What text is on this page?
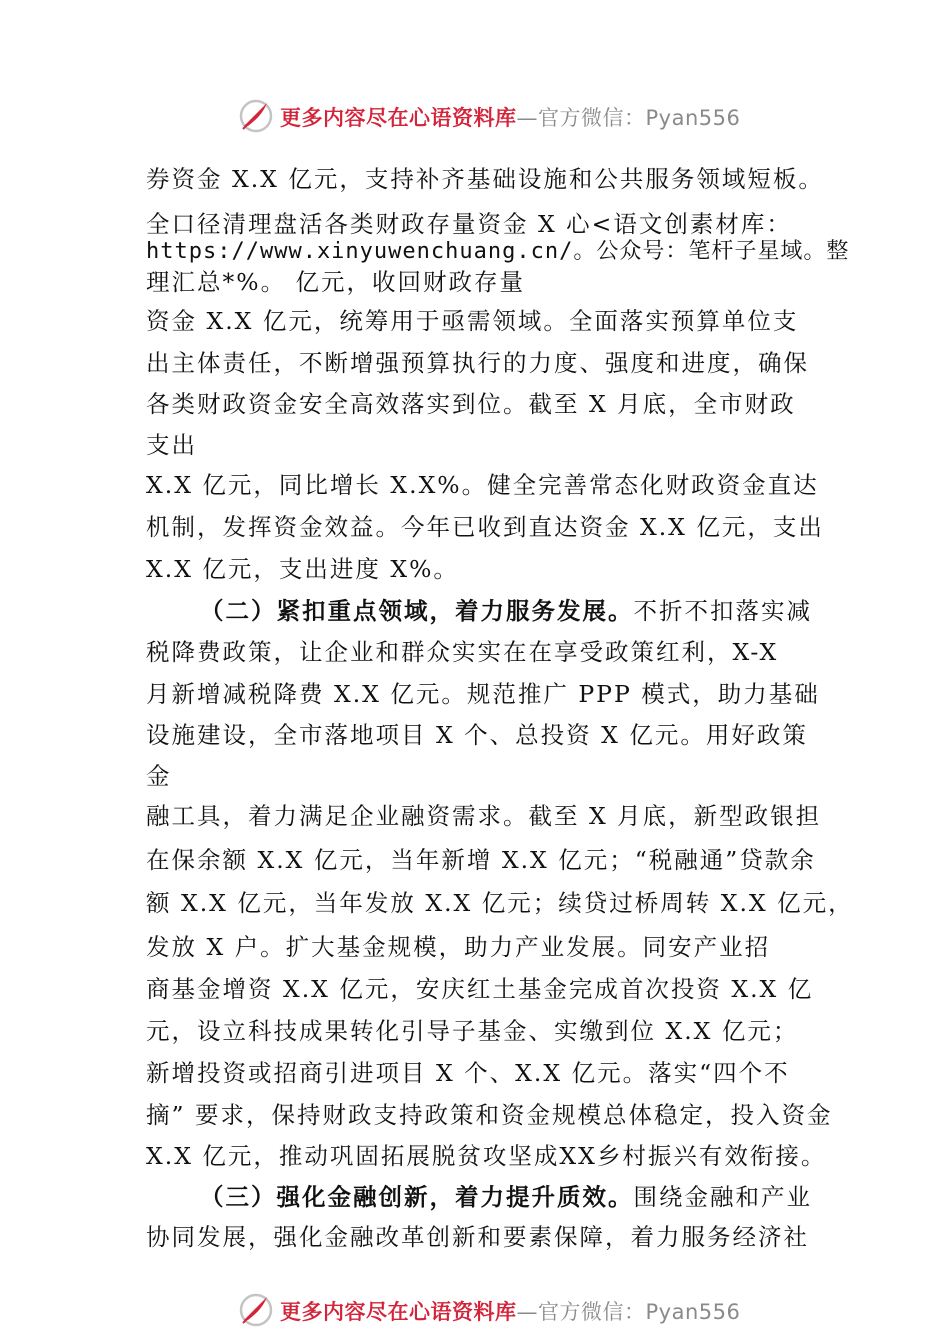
更多内容尽在心语资料库—官方微信：Pyan556
券资金 X.X 亿元，支持补齐基础设施和公共服务领域短板。
全口径清理盘活各类财政存量资金 X 心<语文创素材库：
https://www.xinyuwenchuang.cn/。公众号：笔杆子星域。整
理汇总*%。 亿元，收回财政存量
资金 X.X 亿元，统筹用于亟需领域。全面落实预算单位支
出主体责任，不断增强预算执行的力度、强度和进度，确保
各类财政资金安全高效落实到位。截至 X 月底，全市财政
支出
X.X 亿元，同比增长 X.X%。健全完善常态化财政资金直达
机制，发挥资金效益。今年已收到直达资金 X.X 亿元，支出
X.X 亿元，支出进度 X%。
（二）紧扣重点领域，着力服务发展。不折不扣落实减
税降费政策，让企业和群众实实在在享受政策红利，X-X
月新增减税降费 X.X 亿元。规范推广 PPP 模式，助力基础
设施建设，全市落地项目 X 个、总投资 X 亿元。用好政策
金
融工具，着力满足企业融资需求。截至 X 月底，新型政银担
在保余额 X.X 亿元，当年新增 X.X 亿元；“税融通”贷款余
额 X.X 亿元，当年发放 X.X 亿元；续贷过桥周转 X.X 亿元，
发放 X 户。扩大基金规模，助力产业发展。同安产业招
商基金增资 X.X 亿元，安庆红土基金完成首次投资 X.X 亿
元，设立科技成果转化引导子基金、实缴到位 X.X 亿元；
新增投资或招商引进项目 X 个、X.X 亿元。落实“四个不
摘” 要求，保持财政支持政策和资金规模总体稳定，投入资金
X.X 亿元，推动巩固拓展脱贫攻坚成XX乡村振兴有效衔接。
（三）强化金融创新，着力提升质效。围绕金融和产业
协同发展，强化金融改革创新和要素保障，着力服务经济社
更多内容尽在心语资料库—官方微信：Pyan556
